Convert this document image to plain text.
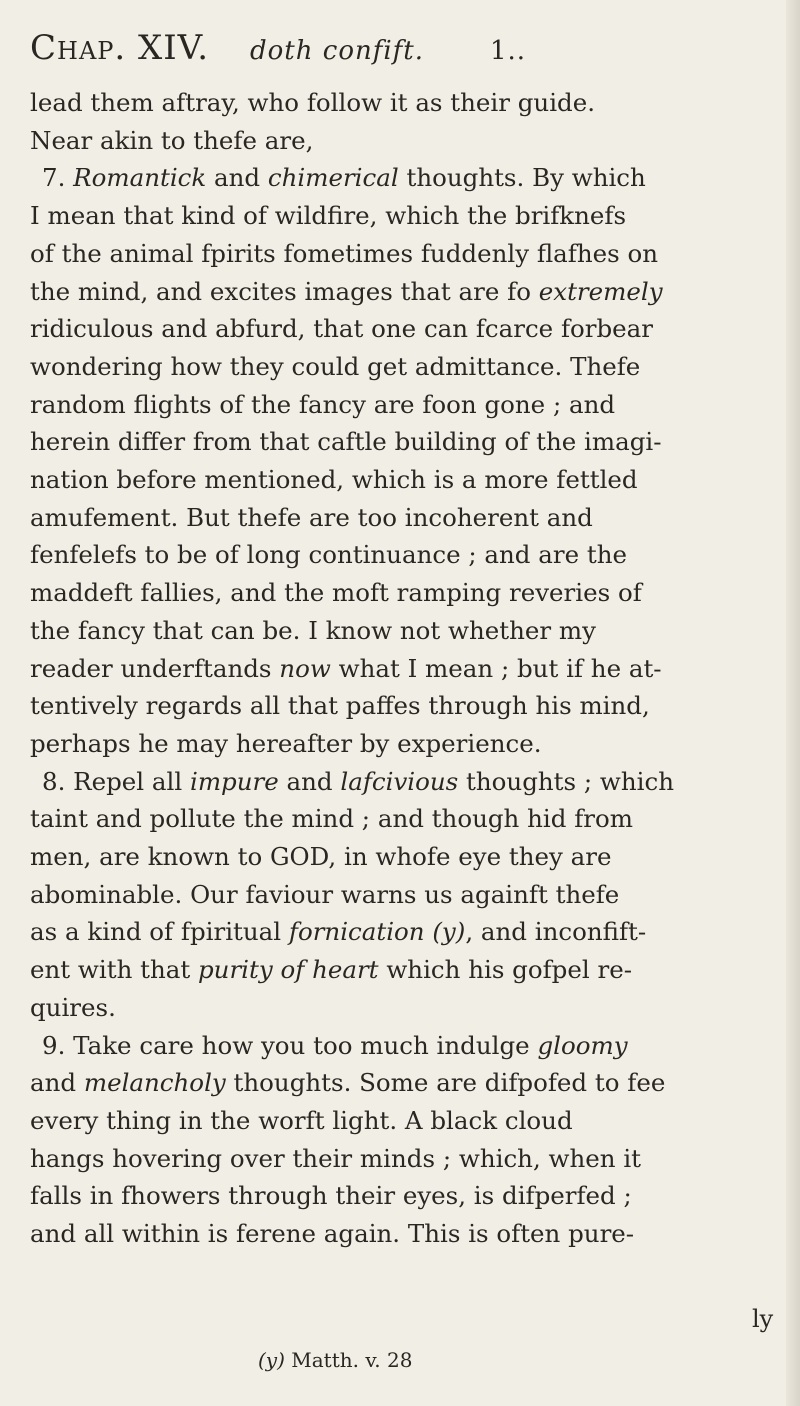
Chap. XIV.	doth confift.	1..

lead them aftray, who follow it as their guide.

Near akin to thefe are,

7. Romantick and chimerical thoughts. By which

I mean that kind of wildfire, which the brifknefs

of the animal fpirits fometimes fuddenly flafhes on

the mind, and excites images that are fo extremely

ridiculous and abfurd, that one can fcarce forbear

wondering how they could get admittance. Thefe

random flights of the fancy are foon gone ; and

herein differ from that caftle building of the imagi-

nation before mentioned, which is a more fettled

amufement. But thefe are too incoherent and

fenfelefs to be of long continuance ; and are the

maddeft fallies, and the moft ramping reveries of

the fancy that can be. I know not whether my

reader underftands now what I mean ; but if he at-

tentively regards all that paffes through his mind,

perhaps he may hereafter by experience.

8. Repel all impure and lafcivious thoughts ; which

taint and pollute the mind ; and though hid from

men, are known to GOD, in whofe eye they are

abominable. Our faviour warns us againft thefe

as a kind of fpiritual fornication (y), and inconfift-

ent with that purity of heart which his gofpel re-

quires.

9. Take care how you too much indulge gloomy

and melancholy thoughts. Some are difpofed to fee

every thing in the worft light. A black cloud

hangs hovering over their minds ; which, when it

falls in fhowers through their eyes, is difperfed ;

and all within is ferene again. This is often pure-

ly
(y) Matth. v. 28
